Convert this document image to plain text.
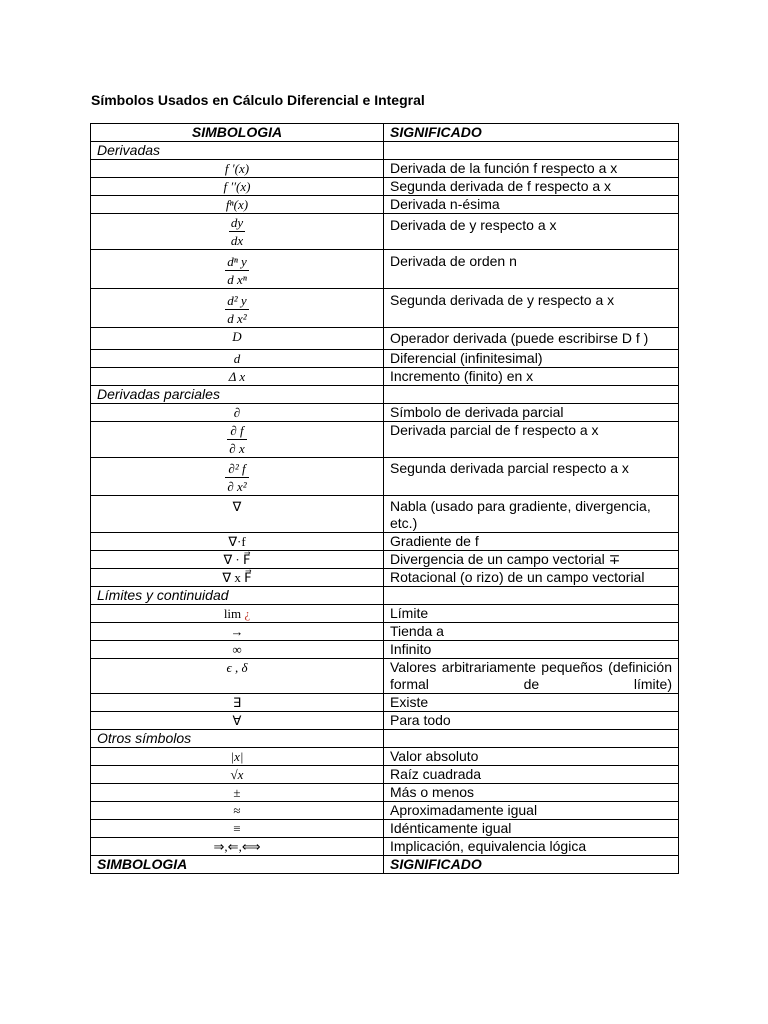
Símbolos Usados en Cálculo Diferencial e Integral
SIMBOLOGIA	SIGNIFICADO
Derivadas	
f ′(x)	Derivada de la función f respecto a x
f ′′(x)	Segunda derivada de f respecto a x
fⁿ(x)	Derivada n-ésima

$\frac{dy}{dx}$	Derivada de y respecto a x

$\frac{\text{dⁿ y}}{\text{d xⁿ}}$	Derivada de orden n

$\frac{\text{d² y}}{\text{d x²}}$	Segunda derivada de y respecto a x
D	Operador derivada (puede escribirse D f )
d	Diferencial (infinitesimal)
Δ x	Incremento (finito) en x
Derivadas parciales	
∂	Símbolo de derivada parcial

$\frac{\partial f}{\partial x}$	Derivada parcial de f respecto a x

$\frac{\text{∂² f}}{\text{∂ x²}}$	Segunda derivada parcial respecto a x
∇	Nabla (usado para gradiente, divergencia, etc.)
∇·f	Gradiente de f
∇ · F⃗	Divergencia de un campo vectorial ∓
∇ x F⃗	Rotacional (o rizo) de un campo vectorial
Límites y continuidad	
lim ¿	Límite
→	Tienda a
∞	Infinito
ϵ , δ	Valores arbitrariamente pequeños (definición formal de límite)
∃	Existe
∀	Para todo
Otros símbolos	
|x|	Valor absoluto
√x	Raíz cuadrada
±	Más o menos
≈	Aproximadamente igual
≡	Idénticamente igual
⇒,⇐,⟺	Implicación, equivalencia lógica
SIMBOLOGIA	SIGNIFICADO
